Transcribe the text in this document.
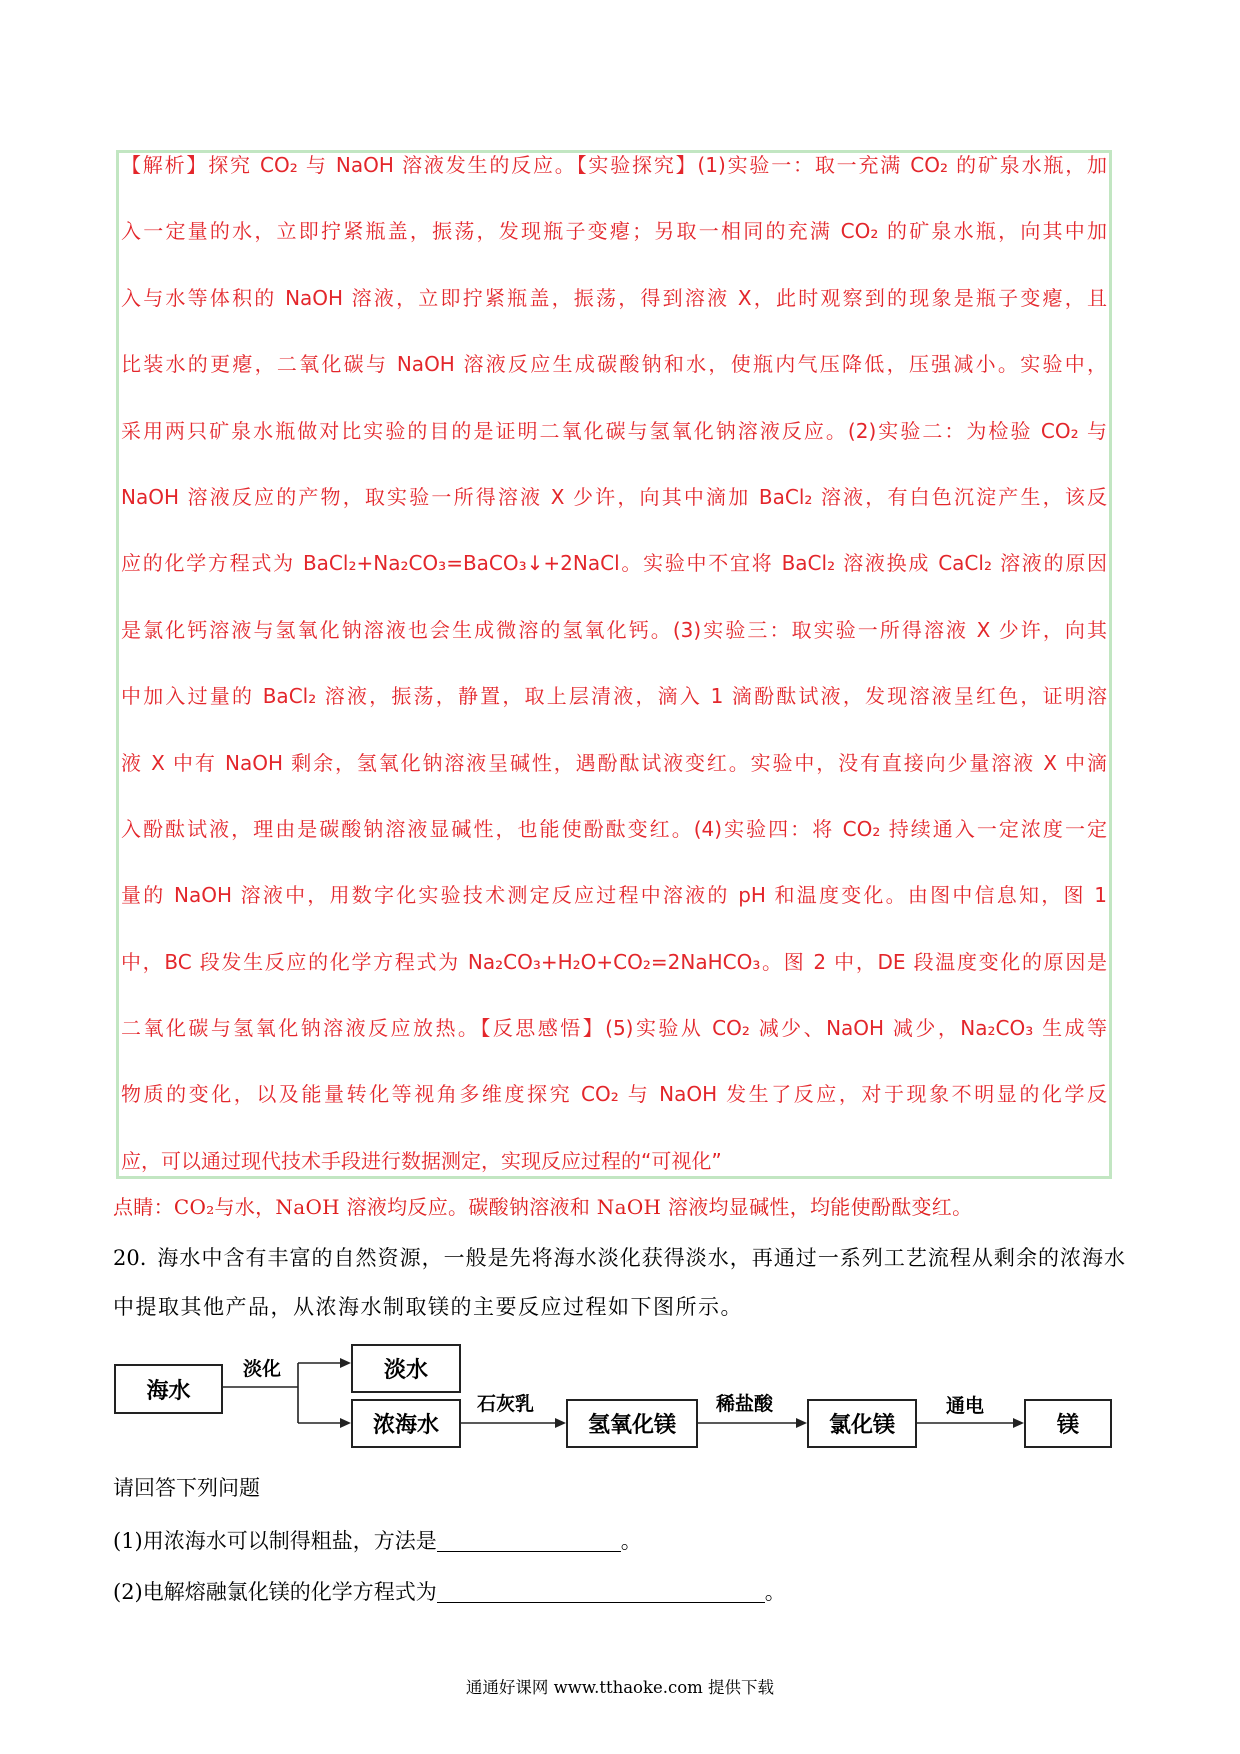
【解析】探究 CO₂ 与 NaOH 溶液发生的反应。【实验探究】(1)实验一：取一充满 CO₂ 的矿泉水瓶，加
入一定量的水，立即拧紧瓶盖，振荡，发现瓶子变瘪；另取一相同的充满 CO₂ 的矿泉水瓶，向其中加
入与水等体积的 NaOH 溶液，立即拧紧瓶盖，振荡，得到溶液 X，此时观察到的现象是瓶子变瘪，且
比装水的更瘪，二氧化碳与 NaOH 溶液反应生成碳酸钠和水，使瓶内气压降低，压强减小。实验中，
采用两只矿泉水瓶做对比实验的目的是证明二氧化碳与氢氧化钠溶液反应。(2)实验二：为检验 CO₂ 与
NaOH 溶液反应的产物，取实验一所得溶液 X 少许，向其中滴加 BaCl₂ 溶液，有白色沉淀产生，该反
应的化学方程式为 BaCl₂+Na₂CO₃=BaCO₃↓+2NaCl。实验中不宜将 BaCl₂ 溶液换成 CaCl₂ 溶液的原因
是氯化钙溶液与氢氧化钠溶液也会生成微溶的氢氧化钙。(3)实验三：取实验一所得溶液 X 少许，向其
中加入过量的 BaCl₂ 溶液，振荡，静置，取上层清液，滴入 1 滴酚酞试液，发现溶液呈红色，证明溶
液 X 中有 NaOH 剩余，氢氧化钠溶液呈碱性，遇酚酞试液变红。实验中，没有直接向少量溶液 X 中滴
入酚酞试液，理由是碳酸钠溶液显碱性，也能使酚酞变红。(4)实验四：将 CO₂ 持续通入一定浓度一定
量的 NaOH 溶液中，用数字化实验技术测定反应过程中溶液的 pH 和温度变化。由图中信息知，图 1
中，BC 段发生反应的化学方程式为 Na₂CO₃+H₂O+CO₂=2NaHCO₃。图 2 中，DE 段温度变化的原因是
二氧化碳与氢氧化钠溶液反应放热。【反思感悟】(5)实验从 CO₂ 减少、NaOH 减少，Na₂CO₃ 生成等
物质的变化，以及能量转化等视角多维度探究 CO₂ 与 NaOH 发生了反应，对于现象不明显的化学反
应，可以通过现代技术手段进行数据测定，实现反应过程的“可视化”
点睛：CO₂与水，NaOH 溶液均反应。碳酸钠溶液和 NaOH 溶液均显碱性，均能使酚酞变红。
20. 海水中含有丰富的自然资源，一般是先将海水淡化获得淡水，再通过一系列工艺流程从剩余的浓海水
中提取其他产品，从浓海水制取镁的主要反应过程如下图所示。
海水
淡水
浓海水	氢氧化镁	氯化镁	镁
淡化
石灰乳	稀盐酸	通电
请回答下列问题
(1)用浓海水可以制得粗盐，方法是	。
(2)电解熔融氯化镁的化学方程式为	。
通通好课网 www.tthaoke.com 提供下载
